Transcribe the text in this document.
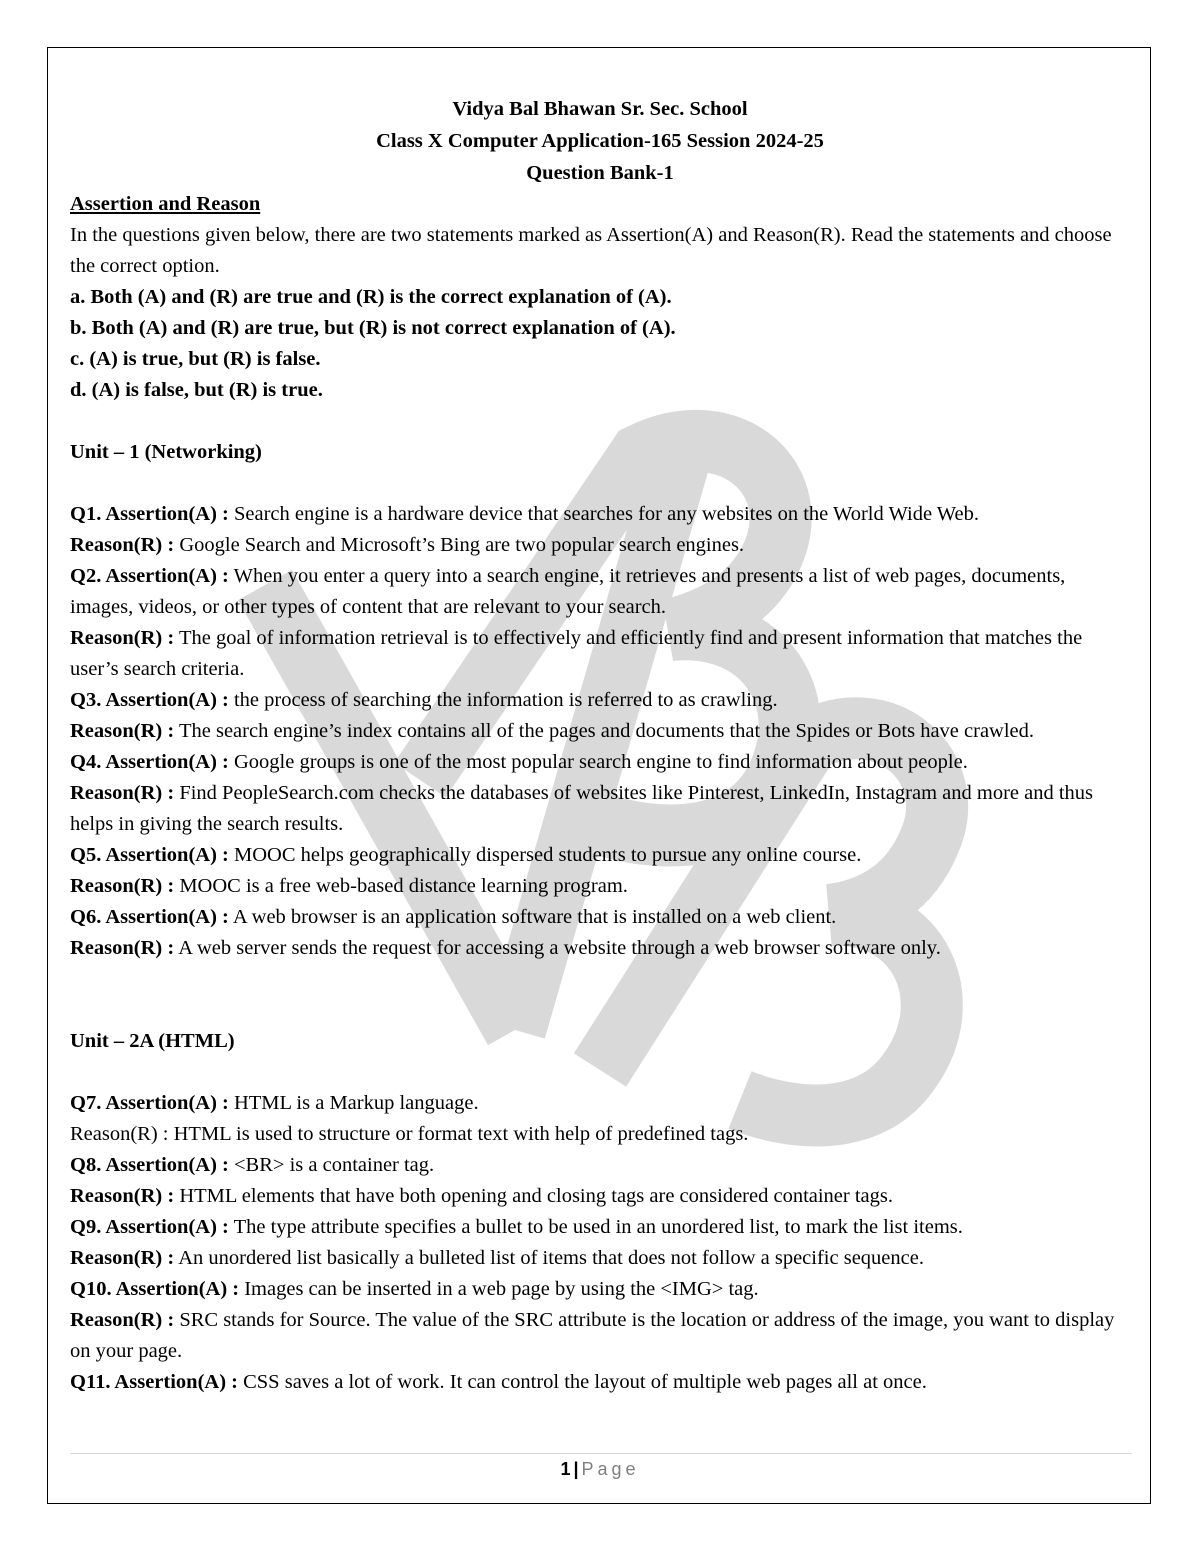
Vidya Bal Bhawan Sr. Sec. School

Class X Computer Application-165 Session 2024-25

Question Bank-1

Assertion and Reason

In the questions given below, there are two statements marked as Assertion(A) and Reason(R). Read the statements and choose the correct option.

a. Both (A) and (R) are true and (R) is the correct explanation of (A).

b. Both (A) and (R) are true, but (R) is not correct explanation of (A).

c. (A) is true, but (R) is false.

d. (A) is false, but (R) is true.

Unit – 1 (Networking)

Q1. Assertion(A) : Search engine is a hardware device that searches for any websites on the World Wide Web.

Reason(R) : Google Search and Microsoft’s Bing are two popular search engines.

Q2. Assertion(A) : When you enter a query into a search engine, it retrieves and presents a list of web pages, documents, images, videos, or other types of content that are relevant to your search.

Reason(R) : The goal of information retrieval is to effectively and efficiently find and present information that matches the user’s search criteria.

Q3. Assertion(A) : the process of searching the information is referred to as crawling.

Reason(R) : The search engine’s index contains all of the pages and documents that the Spides or Bots have crawled.

Q4. Assertion(A) : Google groups is one of the most popular search engine to find information about people.

Reason(R) : Find PeopleSearch.com checks the databases of websites like Pinterest, LinkedIn, Instagram and more and thus helps in giving the search results.

Q5. Assertion(A) : MOOC helps geographically dispersed students to pursue any online course.

Reason(R) : MOOC is a free web-based distance learning program.

Q6. Assertion(A) : A web browser is an application software that is installed on a web client.

Reason(R) : A web server sends the request for accessing a website through a web browser software only.

Unit – 2A (HTML)

Q7. Assertion(A) : HTML is a Markup language.

Reason(R) : HTML is used to structure or format text with help of predefined tags.

Q8. Assertion(A) : <BR> is a container tag.

Reason(R) : HTML elements that have both opening and closing tags are considered container tags.

Q9. Assertion(A) : The type attribute specifies a bullet to be used in an unordered list, to mark the list items.

Reason(R) : An unordered list basically a bulleted list of items that does not follow a specific sequence.

Q10. Assertion(A) : Images can be inserted in a web page by using the <IMG> tag.

Reason(R) : SRC stands for Source. The value of the SRC attribute is the location or address of the image, you want to display on your page.

Q11. Assertion(A) : CSS saves a lot of work. It can control the layout of multiple web pages all at once.

1 | Page
